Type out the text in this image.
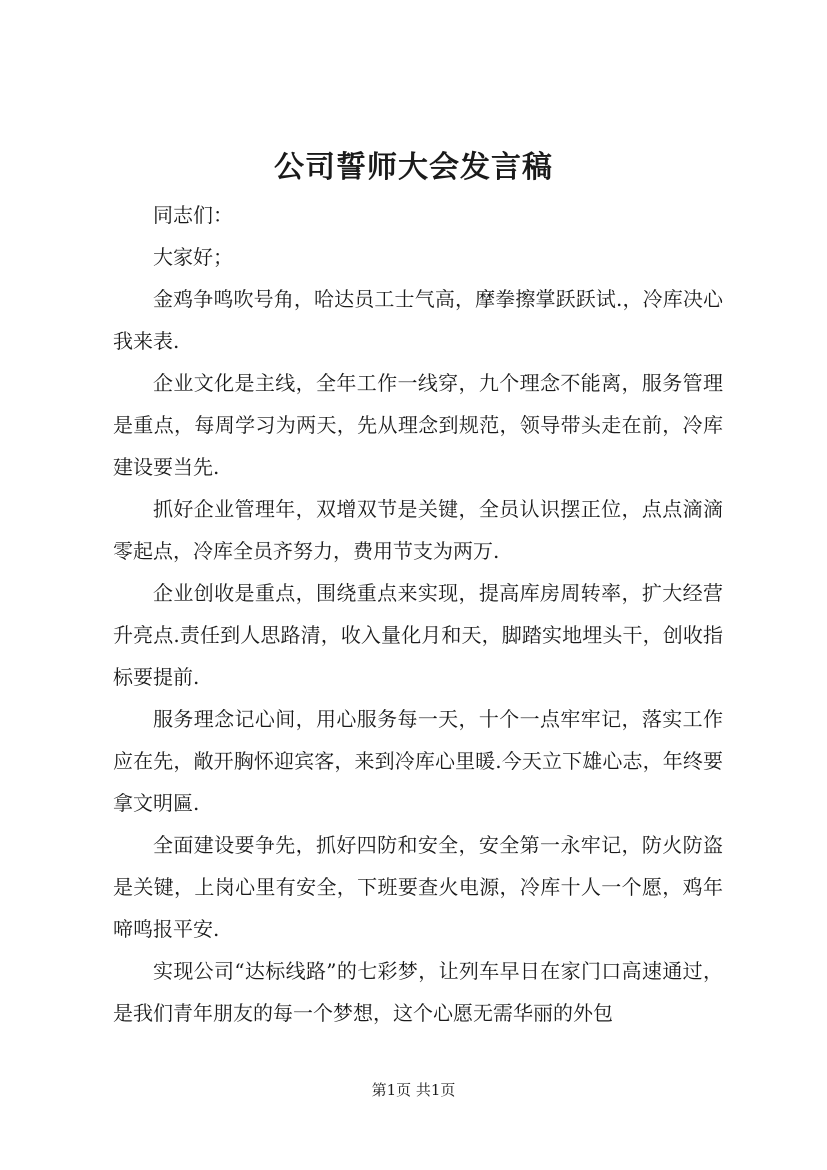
公司誓师大会发言稿

同志们：

大家好；

金鸡争鸣吹号角，哈达员工士气高，摩拳擦掌跃跃试.，冷库决心我来表.

企业文化是主线，全年工作一线穿，九个理念不能离，服务管理是重点，每周学习为两天，先从理念到规范，领导带头走在前，冷库建设要当先.

抓好企业管理年，双增双节是关键，全员认识摆正位，点点滴滴零起点，冷库全员齐努力，费用节支为两万.

企业创收是重点，围绕重点来实现，提高库房周转率，扩大经营升亮点.责任到人思路清，收入量化月和天，脚踏实地埋头干，创收指标要提前.

服务理念记心间，用心服务每一天，十个一点牢牢记，落实工作应在先，敞开胸怀迎宾客，来到冷库心里暖.今天立下雄心志，年终要拿文明匾.

全面建设要争先，抓好四防和安全，安全第一永牢记，防火防盗是关键，上岗心里有安全，下班要查火电源，冷库十人一个愿，鸡年啼鸣报平安.

实现公司“达标线路”的七彩梦，让列车早日在家门口高速通过，是我们青年朋友的每一个梦想，这个心愿无需华丽的外包

第1页 共1页
